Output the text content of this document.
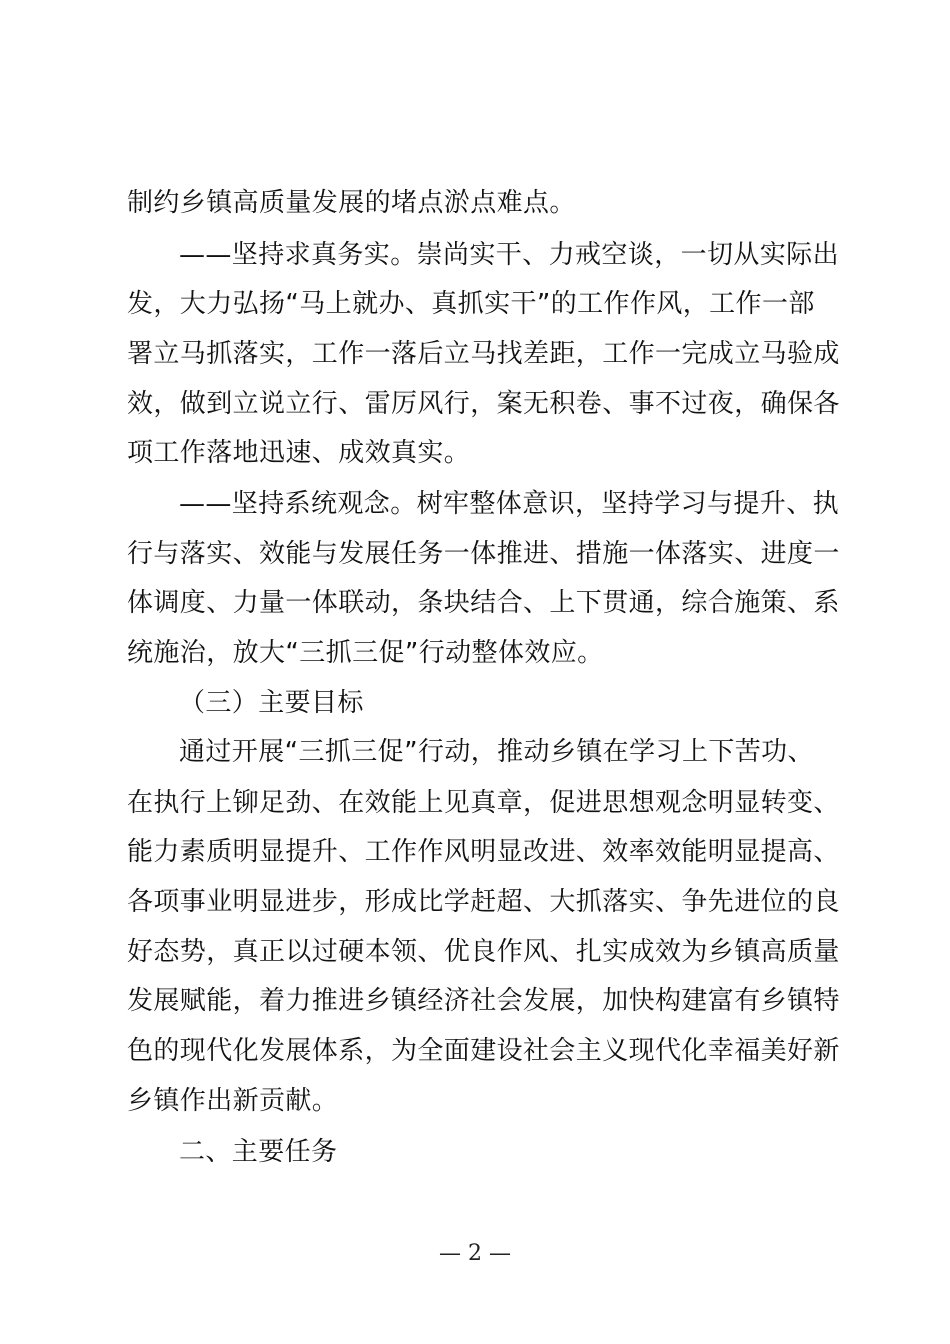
制约乡镇高质量发展的堵点淤点难点。
——坚持求真务实。崇尚实干、力戒空谈，一切从实际出
发，大力弘扬“马上就办、真抓实干”的工作作风，工作一部
署立马抓落实，工作一落后立马找差距，工作一完成立马验成
效，做到立说立行、雷厉风行，案无积卷、事不过夜，确保各
项工作落地迅速、成效真实。
——坚持系统观念。树牢整体意识，坚持学习与提升、执
行与落实、效能与发展任务一体推进、措施一体落实、进度一
体调度、力量一体联动，条块结合、上下贯通，综合施策、系
统施治，放大“三抓三促”行动整体效应。
（三）主要目标
通过开展“三抓三促”行动，推动乡镇在学习上下苦功、
在执行上铆足劲、在效能上见真章，促进思想观念明显转变、
能力素质明显提升、工作作风明显改进、效率效能明显提高、
各项事业明显进步，形成比学赶超、大抓落实、争先进位的良
好态势，真正以过硬本领、优良作风、扎实成效为乡镇高质量
发展赋能，着力推进乡镇经济社会发展，加快构建富有乡镇特
色的现代化发展体系，为全面建设社会主义现代化幸福美好新
乡镇作出新贡献。
二、主要任务
— 2 —
